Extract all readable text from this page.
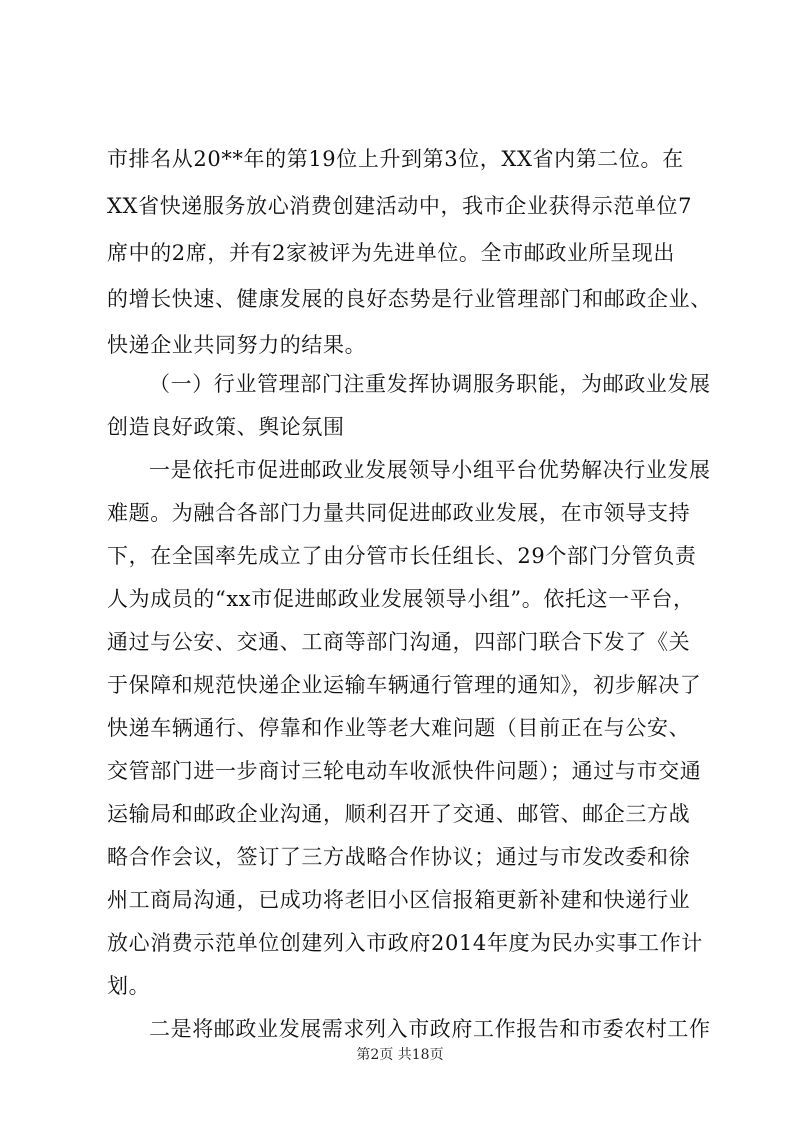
市排名从20**年的第19位上升到第3位，XX省内第二位。在
XX省快递服务放心消费创建活动中，我市企业获得示范单位7
席中的2席，并有2家被评为先进单位。全市邮政业所呈现出
的增长快速、健康发展的良好态势是行业管理部门和邮政企业、
快递企业共同努力的结果。
（一）行业管理部门注重发挥协调服务职能，为邮政业发展
创造良好政策、舆论氛围
一是依托市促进邮政业发展领导小组平台优势解决行业发展
难题。为融合各部门力量共同促进邮政业发展，在市领导支持
下，在全国率先成立了由分管市长任组长、29个部门分管负责
人为成员的“xx市促进邮政业发展领导小组”。依托这一平台，
通过与公安、交通、工商等部门沟通，四部门联合下发了《关
于保障和规范快递企业运输车辆通行管理的通知》，初步解决了
快递车辆通行、停靠和作业等老大难问题（目前正在与公安、
交管部门进一步商讨三轮电动车收派快件问题）；通过与市交通
运输局和邮政企业沟通，顺利召开了交通、邮管、邮企三方战
略合作会议，签订了三方战略合作协议；通过与市发改委和徐
州工商局沟通，已成功将老旧小区信报箱更新补建和快递行业
放心消费示范单位创建列入市政府2014年度为民办实事工作计
划。
第2页 共18页
二是将邮政业发展需求列入市政府工作报告和市委农村工作
